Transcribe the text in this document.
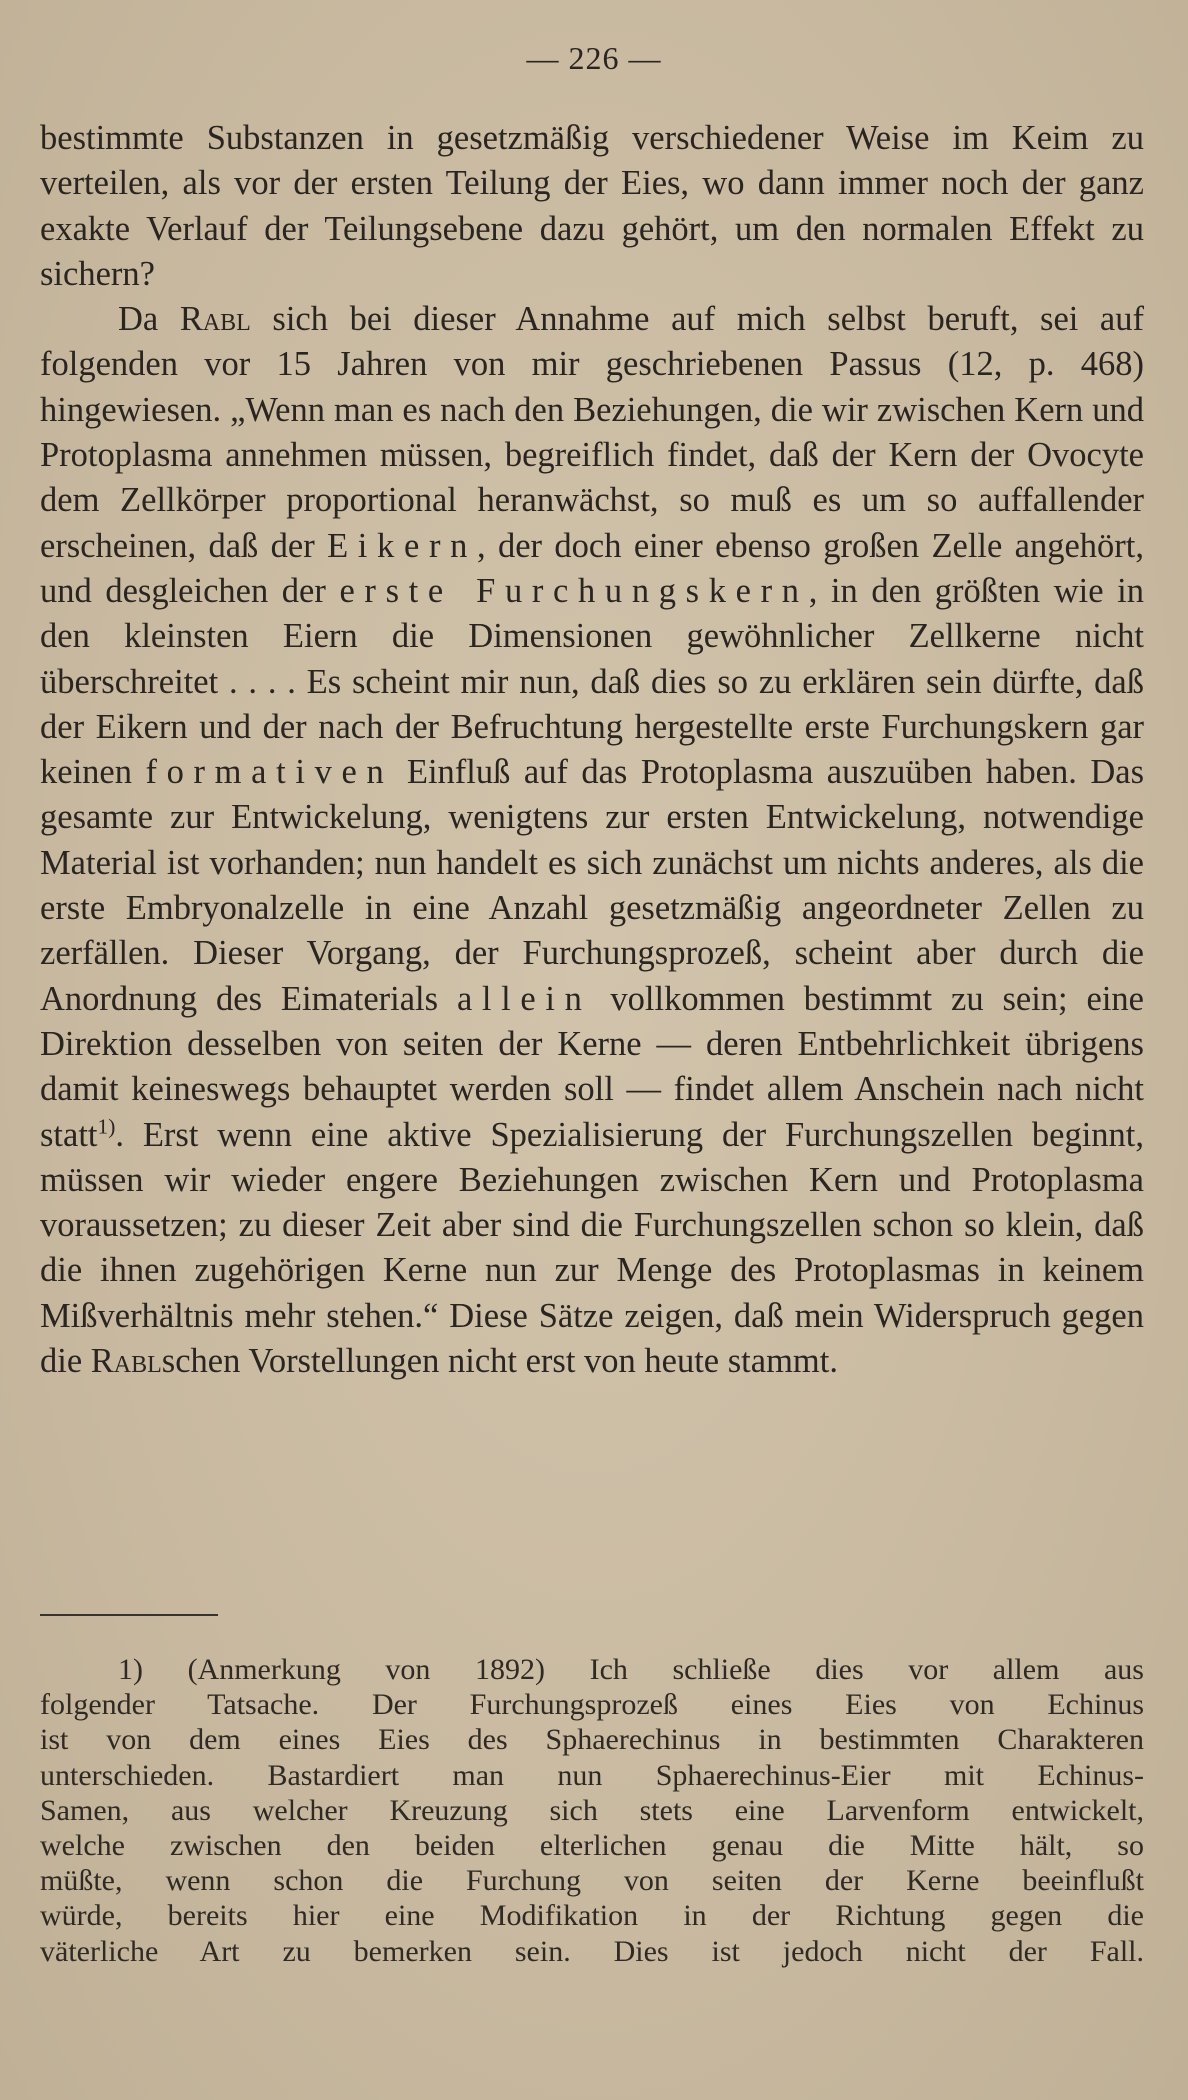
— 226 —

bestimmte Substanzen in gesetzmäßig verschiedener Weise im Keim zu verteilen, als vor der ersten Teilung der Eies, wo dann immer noch der ganz exakte Verlauf der Teilungsebene dazu gehört, um den normalen Effekt zu sichern?

Da Rabl sich bei dieser Annahme auf mich selbst beruft, sei auf folgenden vor 15 Jahren von mir geschriebenen Passus (12, p. 468) hingewiesen. „Wenn man es nach den Beziehungen, die wir zwischen Kern und Protoplasma annehmen müssen, begreiflich findet, daß der Kern der Ovocyte dem Zellkörper proportional heranwächst, so muß es um so auffallender erscheinen, daß der Eikern, der doch einer ebenso großen Zelle angehört, und desgleichen der erste Furchungskern, in den größten wie in den kleinsten Eiern die Dimensionen gewöhnlicher Zellkerne nicht überschreitet . . . . Es scheint mir nun, daß dies so zu erklären sein dürfte, daß der Eikern und der nach der Befruchtung hergestellte erste Furchungskern gar keinen formativen Einfluß auf das Protoplasma auszuüben haben. Das gesamte zur Entwickelung, wenigtens zur ersten Entwickelung, notwendige Material ist vorhanden; nun handelt es sich zunächst um nichts anderes, als die erste Embryonalzelle in eine Anzahl gesetzmäßig angeordneter Zellen zu zerfällen. Dieser Vorgang, der Furchungsprozeß, scheint aber durch die Anordnung des Eimaterials allein vollkommen bestimmt zu sein; eine Direktion desselben von seiten der Kerne — deren Entbehrlichkeit übrigens damit keineswegs behauptet werden soll — findet allem Anschein nach nicht statt$^{1)}$. Erst wenn eine aktive Spezialisierung der Furchungszellen beginnt, müssen wir wieder engere Beziehungen zwischen Kern und Protoplasma voraussetzen; zu dieser Zeit aber sind die Furchungszellen schon so klein, daß die ihnen zugehörigen Kerne nun zur Menge des Protoplasmas in keinem Mißverhältnis mehr stehen.“ Diese Sätze zeigen, daß mein Widerspruch gegen die Rablschen Vorstellungen nicht erst von heute stammt.

1) (Anmerkung von 1892) Ich schließe dies vor allem aus
folgender Tatsache. Der Furchungsprozeß eines Eies von Echinus
ist von dem eines Eies des Sphaerechinus in bestimmten Charakteren
unterschieden. Bastardiert man nun Sphaerechinus-Eier mit Echinus-
Samen, aus welcher Kreuzung sich stets eine Larvenform entwickelt,
welche zwischen den beiden elterlichen genau die Mitte hält, so
müßte, wenn schon die Furchung von seiten der Kerne beeinflußt
würde, bereits hier eine Modifikation in der Richtung gegen die
väterliche Art zu bemerken sein. Dies ist jedoch nicht der Fall.
